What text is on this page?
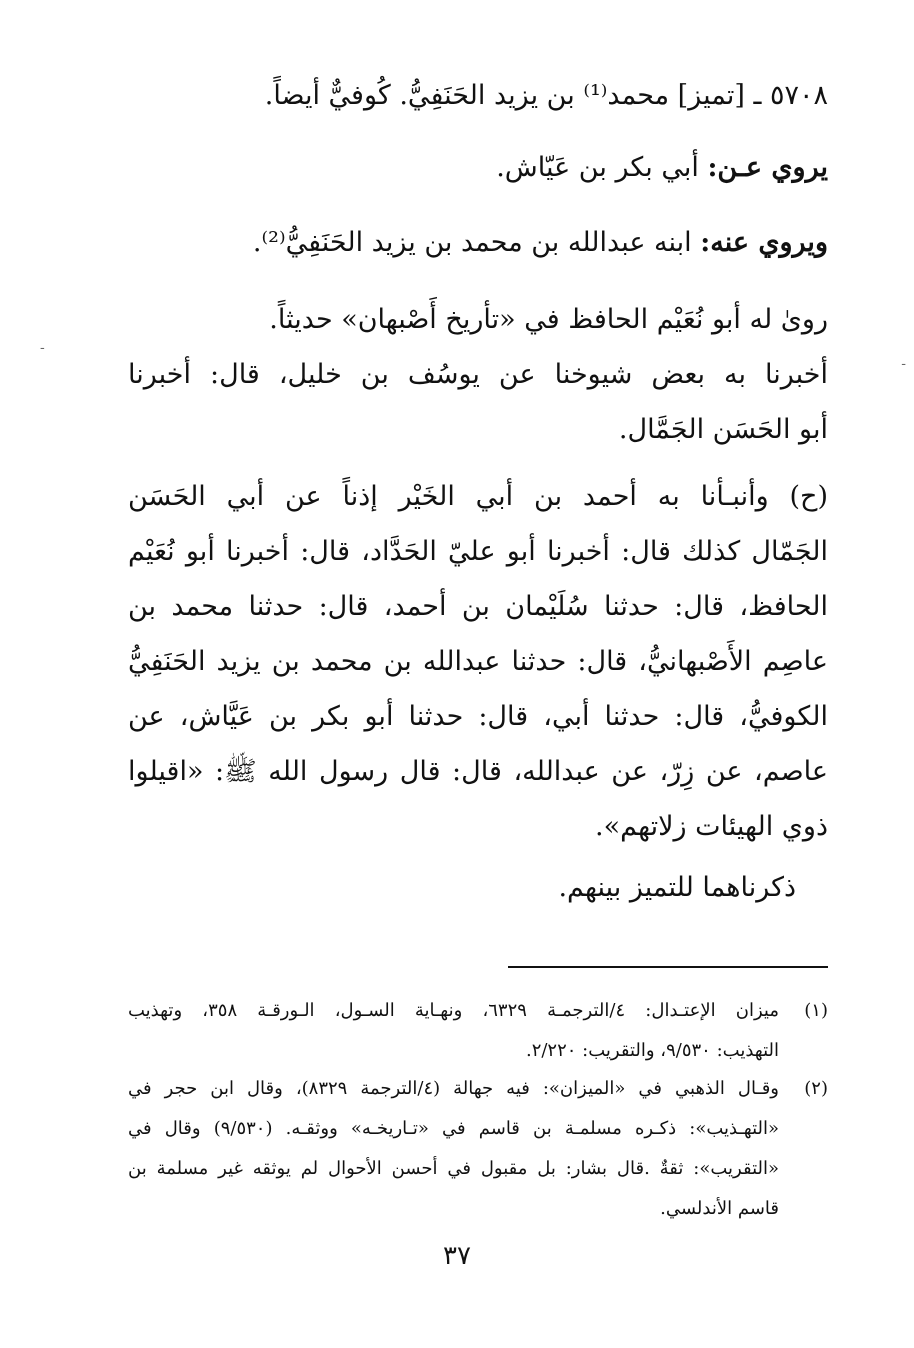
٥٧٠٨ ـ [تميز] محمد⁽¹⁾ بن يزيد الحَنَفِيُّ. كُوفيٌّ أيضاً.
يروي عـن: أبي بكر بن عَيّاش.
ويروي عنه: ابنه عبدالله بن محمد بن يزيد الحَنَفِيُّ⁽²⁾.
روىٰ له أبو نُعَيْم الحافظ في «تأريخ أَصْبهان» حديثاً.
أخبرنا به بعض شيوخنا عن يوسُف بن خليل، قال: أخبرنا
أبو الحَسَن الجَمَّال.
(ح) وأنبـأنا به أحمد بن أبي الخَيْر إذناً عن أبي الحَسَن
الجَمّال كذلك قال: أخبرنا أبو عليّ الحَدَّاد، قال: أخبرنا أبو نُعَيْم
الحافظ، قال: حدثنا سُلَيْمان بن أحمد، قال: حدثنا محمد بن
عاصِم الأَصْبهانيُّ، قال: حدثنا عبدالله بن محمد بن يزيد الحَنَفِيُّ
الكوفيُّ، قال: حدثنا أبي، قال: حدثنا أبو بكر بن عَيَّاش، عن
عاصم، عن زِرّ، عن عبدالله، قال: قال رسول الله ﷺ: «اقيلوا
ذوي الهيئات زلاتهم».
ذكرناهما للتميز بينهم.
(١)
ميزان الإعتـدال: ٤/الترجمـة ٦٣٢٩، ونهـاية السـول، الـورقـة ٣٥٨، وتهذيب
التهذيب: ٩/٥٣٠، والتقريب: ٢/٢٢٠.
(٢)
وقـال الذهبي في «الميزان»: فيه جهالة (٤/الترجمة ٨٣٢٩)، وقال ابن حجر في
«التهـذيب»: ذكـره مسلمـة بن قاسم في «تـاريخـه» ووثقـه. (٩/٥٣٠) وقال في
«التقريب»: ثقةٌ .قال بشار: بل مقبول في أحسن الأحوال لم يوثقه غير مسلمة بن
قاسم الأندلسي.
٣٧
-
-
